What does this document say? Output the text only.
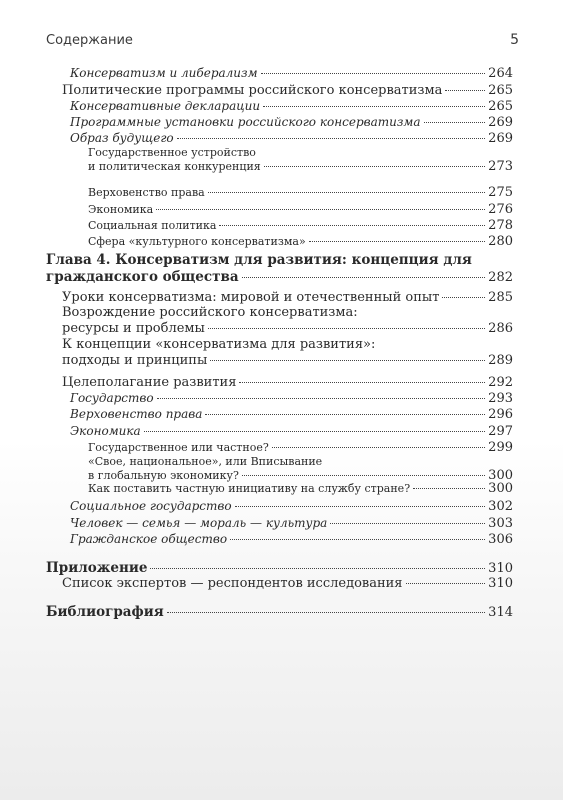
Содержание	5
Консерватизм и либерализм	264
Политические программы российского консерватизма	265
Консервативные декларации	265
Программные установки российского консерватизма	269
Образ будущего	269
Государственное устройство
и политическая конкуренция	273
Верховенство права	275
Экономика	276
Социальная политика	278
Сфера «культурного консерватизма»	280
Глава 4. Консерватизм для развития: концепция для
гражданского общества	282
Уроки консерватизма: мировой и отечественный опыт	285
Возрождение российского консерватизма:
ресурсы и проблемы	286
К концепции «консерватизма для развития»:
подходы и принципы	289
Целеполагание развития	292
Государство	293
Верховенство права	296
Экономика	297
Государственное или частное?	299
«Свое, национальное», или Вписывание
в глобальную экономику?	300
Как поставить частную инициативу на службу стране?	300
Социальное государство	302
Человек — семья — мораль — культура	303
Гражданское общество	306
Приложение	310
Список экспертов — респондентов исследования	310
Библиография	314
